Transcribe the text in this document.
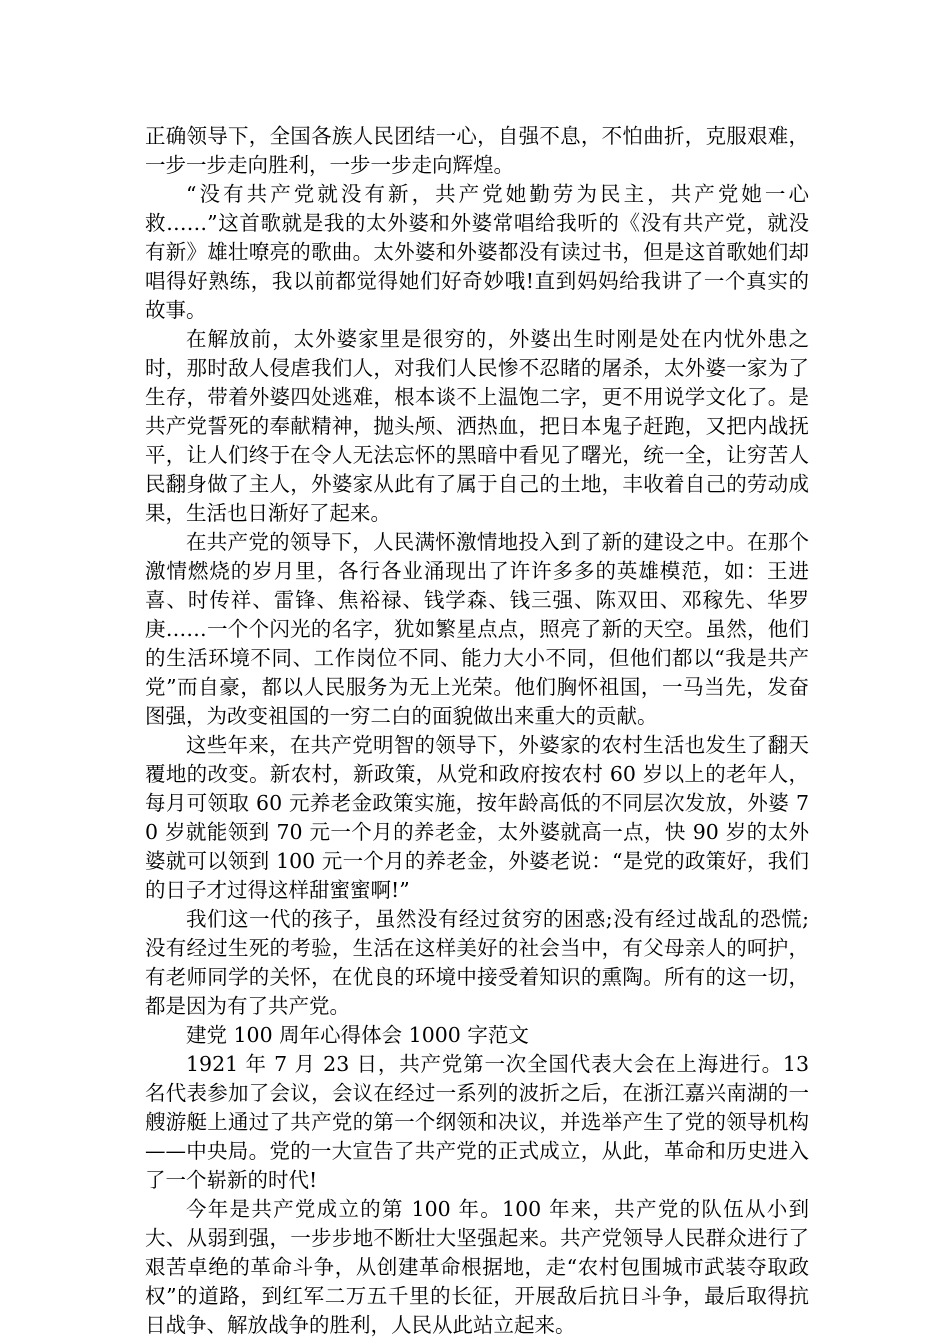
正确领导下，全国各族人民团结一心，自强不息，不怕曲折，克服艰难，一步一步走向胜利，一步一步走向辉煌。

“没有共产党就没有新，共产党她勤劳为民主，共产党她一心救……”这首歌就是我的太外婆和外婆常唱给我听的《没有共产党，就没有新》雄壮嘹亮的歌曲。太外婆和外婆都没有读过书，但是这首歌她们却唱得好熟练，我以前都觉得她们好奇妙哦!直到妈妈给我讲了一个真实的故事。

在解放前，太外婆家里是很穷的，外婆出生时刚是处在内忧外患之时，那时敌人侵虐我们人，对我们人民惨不忍睹的屠杀，太外婆一家为了生存，带着外婆四处逃难，根本谈不上温饱二字，更不用说学文化了。是共产党誓死的奉献精神，抛头颅、洒热血，把日本鬼子赶跑，又把内战抚平，让人们终于在令人无法忘怀的黑暗中看见了曙光，统一全，让穷苦人民翻身做了主人，外婆家从此有了属于自己的土地，丰收着自己的劳动成果，生活也日渐好了起来。

在共产党的领导下，人民满怀激情地投入到了新的建设之中。在那个激情燃烧的岁月里，各行各业涌现出了许许多多的英雄模范，如：王进喜、时传祥、雷锋、焦裕禄、钱学森、钱三强、陈双田、邓稼先、华罗庚……一个个闪光的名字，犹如繁星点点，照亮了新的天空。虽然，他们的生活环境不同、工作岗位不同、能力大小不同，但他们都以“我是共产党”而自豪，都以人民服务为无上光荣。他们胸怀祖国，一马当先，发奋图强，为改变祖国的一穷二白的面貌做出来重大的贡献。

这些年来，在共产党明智的领导下，外婆家的农村生活也发生了翻天覆地的改变。新农村，新政策，从党和政府按农村 60 岁以上的老年人，每月可领取 60 元养老金政策实施，按年龄高低的不同层次发放，外婆 70 岁就能领到 70 元一个月的养老金，太外婆就高一点，快 90 岁的太外婆就可以领到 100 元一个月的养老金，外婆老说：“是党的政策好，我们的日子才过得这样甜蜜蜜啊!”

我们这一代的孩子，虽然没有经过贫穷的困惑;没有经过战乱的恐慌;没有经过生死的考验，生活在这样美好的社会当中，有父母亲人的呵护，有老师同学的关怀，在优良的环境中接受着知识的熏陶。所有的这一切，都是因为有了共产党。

建党 100 周年心得体会 1000 字范文

1921 年 7 月 23 日，共产党第一次全国代表大会在上海进行。13 名代表参加了会议，会议在经过一系列的波折之后，在浙江嘉兴南湖的一艘游艇上通过了共产党的第一个纲领和决议，并选举产生了党的领导机构——中央局。党的一大宣告了共产党的正式成立，从此，革命和历史进入了一个崭新的时代!

今年是共产党成立的第 100 年。100 年来，共产党的队伍从小到大、从弱到强，一步步地不断壮大坚强起来。共产党领导人民群众进行了艰苦卓绝的革命斗争，从创建革命根据地，走“农村包围城市武装夺取政权”的道路，到红军二万五千里的长征，开展敌后抗日斗争，最后取得抗日战争、解放战争的胜利，人民从此站立起来。
